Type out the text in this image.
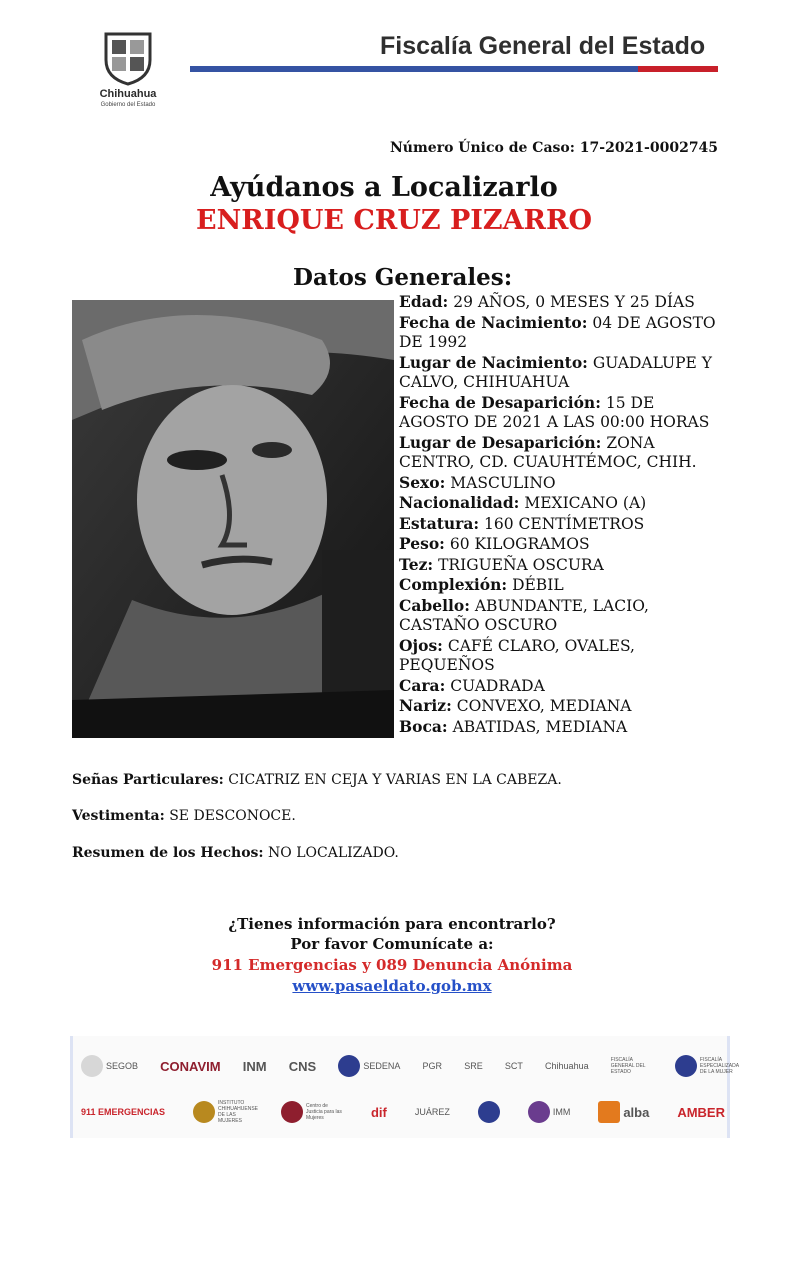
Chihuahua
Gobierno del Estado
Fiscalía General del Estado
Número Único de Caso: 17-2021-0002745
Ayúdanos a Localizarlo
ENRIQUE CRUZ PIZARRO
Datos Generales:
Edad: 29 AÑOS, 0 MESES Y 25 DÍAS
Fecha de Nacimiento: 04 DE AGOSTO DE 1992
Lugar de Nacimiento: GUADALUPE Y CALVO, CHIHUAHUA
Fecha de Desaparición: 15 DE AGOSTO DE 2021 A LAS 00:00 HORAS
Lugar de Desaparición: ZONA CENTRO, CD. CUAUHTÉMOC, CHIH.
Sexo: MASCULINO
Nacionalidad: MEXICANO (A)
Estatura: 160 CENTÍMETROS
Peso: 60 KILOGRAMOS
Tez: TRIGUEÑA OSCURA
Complexión: DÉBIL
Cabello: ABUNDANTE, LACIO, CASTAÑO OSCURO
Ojos: CAFÉ CLARO, OVALES, PEQUEÑOS
Cara: CUADRADA
Nariz: CONVEXO, MEDIANA
Boca: ABATIDAS, MEDIANA
Señas Particulares: CICATRIZ EN CEJA Y VARIAS EN LA CABEZA.
Vestimenta: SE DESCONOCE.
Resumen de los Hechos: NO LOCALIZADO.
¿Tienes información para encontrarlo?
Por favor Comunícate a:
911 Emergencias y 089 Denuncia Anónima
www.pasaeldato.gob.mx
SEGOB CONAVIM INM CNS	SEDENA PGR SRE SCT Chihuahua
FISCALÍA GENERAL DEL ESTADO
FISCALÍA ESPECIALIZADA DE LA MUJER
911 EMERGENCIAS
INSTITUTO CHIHUAHUENSE DE LAS MUJERES
Centro de Justicia para las Mujeres	dif	JUÁREZ	IMM	alba AMBER
